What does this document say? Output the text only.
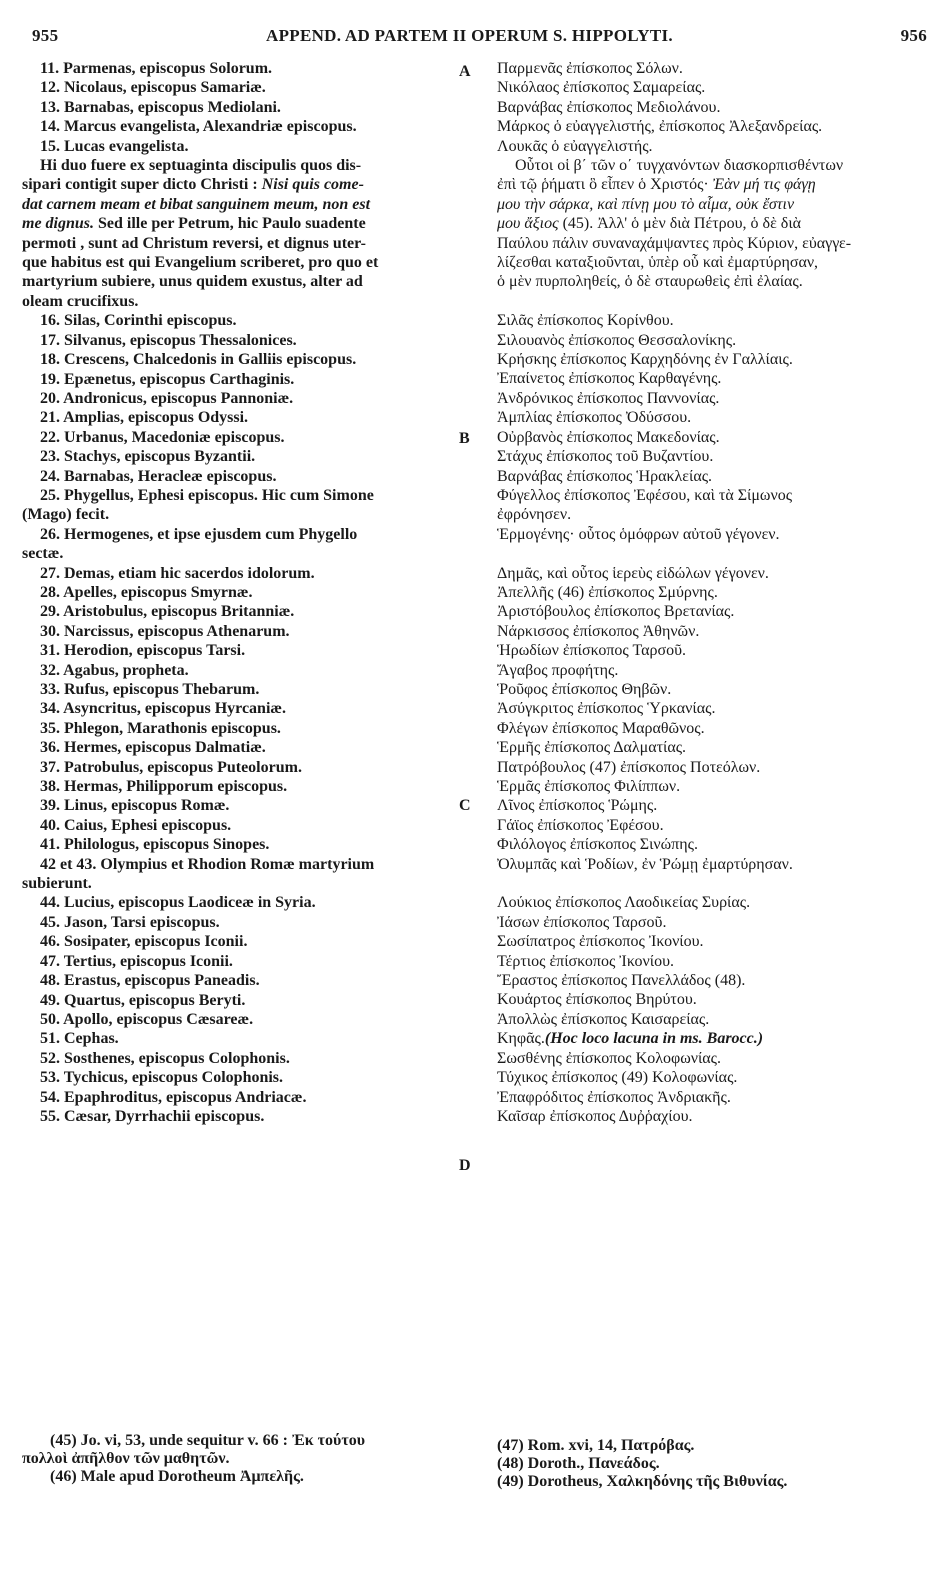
955	APPEND. AD PARTEM II OPERUM S. HIPPOLYTI.	956
A
B
C
D
11. Parmenas, episcopus Solorum.
12. Nicolaus, episcopus Samariæ.
13. Barnabas, episcopus Mediolani.
14. Marcus evangelista, Alexandriæ episcopus.
15. Lucas evangelista.
Hi duo fuere ex septuaginta discipulis quos dis-
sipari contigit super dicto Christi : Nisi quis come-
dat carnem meam et bibat sanguinem meum, non est
me dignus. Sed ille per Petrum, hic Paulo suadente
permoti , sunt ad Christum reversi, et dignus uter-
que habitus est qui Evangelium scriberet, pro quo et
martyrium subiere, unus quidem exustus, alter ad
oleam crucifixus.
16. Silas, Corinthi episcopus.
17. Silvanus, episcopus Thessalonices.
18. Crescens, Chalcedonis in Galliis episcopus.
19. Epænetus, episcopus Carthaginis.
20. Andronicus, episcopus Pannoniæ.
21. Amplias, episcopus Odyssi.
22. Urbanus, Macedoniæ episcopus.
23. Stachys, episcopus Byzantii.
24. Barnabas, Heracleæ episcopus.
25. Phygellus, Ephesi episcopus. Hic cum Simone
(Mago) fecit.
26. Hermogenes, et ipse ejusdem cum Phygello
sectæ.
27. Demas, etiam hic sacerdos idolorum.
28. Apelles, episcopus Smyrnæ.
29. Aristobulus, episcopus Britanniæ.
30. Narcissus, episcopus Athenarum.
31. Herodion, episcopus Tarsi.
32. Agabus, propheta.
33. Rufus, episcopus Thebarum.
34. Asyncritus, episcopus Hyrcaniæ.
35. Phlegon, Marathonis episcopus.
36. Hermes, episcopus Dalmatiæ.
37. Patrobulus, episcopus Puteolorum.
38. Hermas, Philipporum episcopus.
39. Linus, episcopus Romæ.
40. Caius, Ephesi episcopus.
41. Philologus, episcopus Sinopes.
42 et 43. Olympius et Rhodion Romæ martyrium
subierunt.
44. Lucius, episcopus Laodiceæ in Syria.
45. Jason, Tarsi episcopus.
46. Sosipater, episcopus Iconii.
47. Tertius, episcopus Iconii.
48. Erastus, episcopus Paneadis.
49. Quartus, episcopus Beryti.
50. Apollo, episcopus Cæsareæ.
51. Cephas.
52. Sosthenes, episcopus Colophonis.
53. Tychicus, episcopus Colophonis.
54. Epaphroditus, episcopus Andriacæ.
55. Cæsar, Dyrrhachii episcopus.
Παρμενᾶς ἐπίσκοπος Σόλων.
Νικόλαος ἐπίσκοπος Σαμαρείας.
Βαρνάβας ἐπίσκοπος Μεδιολάνου.
Μάρκος ὁ εὐαγγελιστής, ἐπίσκοπος Ἀλεξανδρείας.
Λουκᾶς ὁ εὐαγγελιστής.
Οὗτοι οἱ β΄ τῶν ο΄ τυγχανόντων διασκορπισθέντων
ἐπὶ τῷ ῥήματι ὃ εἶπεν ὁ Χριστός· Ἐὰν μή τις φάγῃ
μου τὴν σάρκα, καὶ πίνῃ μου τὸ αἷμα, οὐκ ἔστιν
μου ἄξιος (45). Ἀλλ' ὁ μὲν διὰ Πέτρου, ὁ δὲ διὰ
Παύλου πάλιν συναναχάμψαντες πρὸς Κύριον, εὐαγγε-
λίζεσθαι καταξιοῦνται, ὑπὲρ οὗ καὶ ἐμαρτύρησαν,
ὁ μὲν πυρποληθείς, ὁ δὲ σταυρωθεὶς ἐπὶ ἐλαίας.
Σιλᾶς ἐπίσκοπος Κορίνθου.
Σιλουανὸς ἐπίσκοπος Θεσσαλονίκης.
Κρήσκης ἐπίσκοπος Καρχηδόνης ἐν Γαλλίαις.
Ἐπαίνετος ἐπίσκοπος Καρθαγένης.
Ἀνδρόνικος ἐπίσκοπος Παννονίας.
Ἀμπλίας ἐπίσκοπος Ὀδύσσου.
Οὐρβανὸς ἐπίσκοπος Μακεδονίας.
Στάχυς ἐπίσκοπος τοῦ Βυζαντίου.
Βαρνάβας ἐπίσκοπος Ἡρακλείας.
Φύγελλος ἐπίσκοπος Ἐφέσου, καὶ τὰ Σίμωνος
ἐφρόνησεν.
Ἑρμογένης· οὗτος ὁμόφρων αὐτοῦ γέγονεν.

Δημᾶς, καὶ οὗτος ἱερεὺς εἰδώλων γέγονεν.
Ἀπελλῆς (46) ἐπίσκοπος Σμύρνης.
Ἀριστόβουλος ἐπίσκοπος Βρετανίας.
Νάρκισσος ἐπίσκοπος Ἀθηνῶν.
Ἡρωδίων ἐπίσκοπος Ταρσοῦ.
Ἄγαβος προφήτης.
Ῥοῦφος ἐπίσκοπος Θηβῶν.
Ἀσύγκριτος ἐπίσκοπος Ὑρκανίας.
Φλέγων ἐπίσκοπος Μαραθῶνος.
Ἑρμῆς ἐπίσκοπος Δαλματίας.
Πατρόβουλος (47) ἐπίσκοπος Ποτεόλων.
Ἑρμᾶς ἐπίσκοπος Φιλίππων.
Λῖνος ἐπίσκοπος Ῥώμης.
Γάϊος ἐπίσκοπος Ἐφέσου.
Φιλόλογος ἐπίσκοπος Σινώπης.
Ὀλυμπᾶς καὶ Ῥοδίων, ἐν Ῥώμῃ ἐμαρτύρησαν.

Λούκιος ἐπίσκοπος Λαοδικείας Συρίας.
Ἰάσων ἐπίσκοπος Ταρσοῦ.
Σωσίπατρος ἐπίσκοπος Ἰκονίου.
Τέρτιος ἐπίσκοπος Ἰκονίου.
Ἔραστος ἐπίσκοπος Πανελλάδος (48).
Κουάρτος ἐπίσκοπος Βηρύτου.
Ἀπολλὼς ἐπίσκοπος Καισαρείας.
Κηφᾶς.(Hoc loco lacuna in ms. Barocc.)
Σωσθένης ἐπίσκοπος Κολοφωνίας.
Τύχικος ἐπίσκοπος (49) Κολοφωνίας.
Ἐπαφρόδιτος ἐπίσκοπος Ἀνδριακῆς.
Καῖσαρ ἐπίσκοπος Δυῤῥαχίου.
(45) Jo. vi, 53, unde sequitur v. 66 : Ἐκ τούτου
πολλοὶ ἀπῆλθον τῶν μαθητῶν.
(46) Male apud Dorotheum Ἀμπελῆς.
(47) Rom. xvi, 14, Πατρόβας.
(48) Doroth., Πανεάδος.
(49) Dorotheus, Χαλκηδόνης τῆς Βιθυνίας.
